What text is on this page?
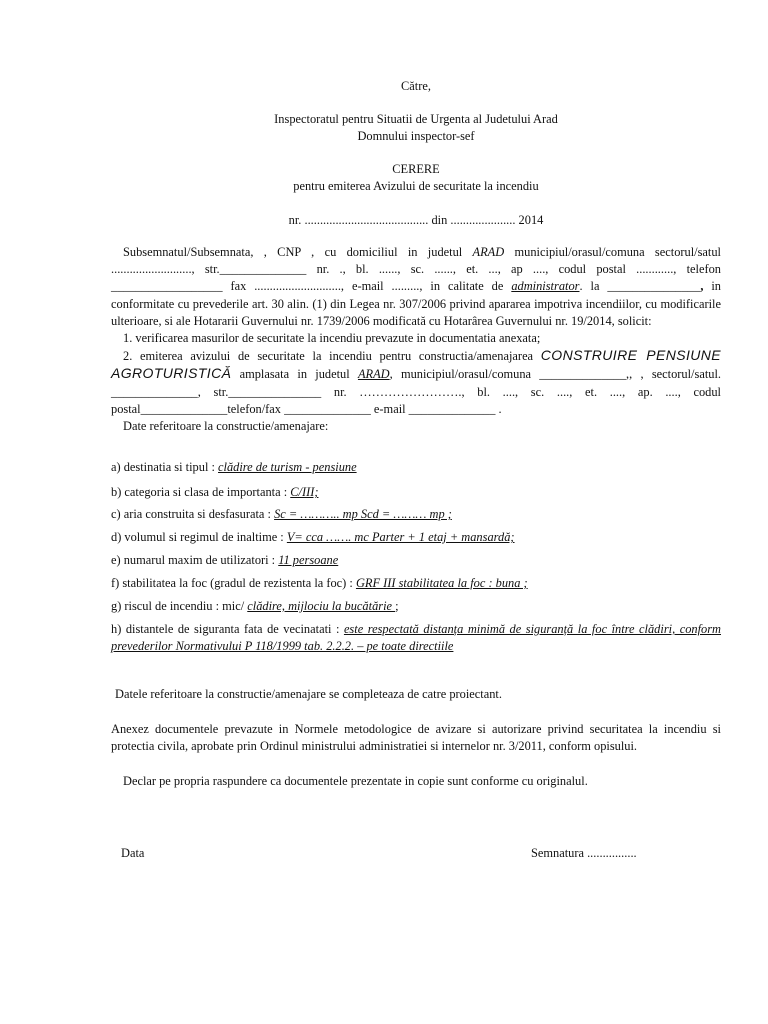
Către,
Inspectoratul pentru Situatii de Urgenta al Judetului Arad
Domnului inspector-sef
CERERE
pentru emiterea Avizului de securitate la incendiu
nr. ........................................ din ..................... 2014

Subsemnatul/Subsemnata, , CNP , cu domiciliul in judetul ARAD municipiul/orasul/comuna sectorul/satul .........................., str.______________ nr. ., bl. ......, sc. ......, et. ..., ap ...., codul postal ............, telefon __________________ fax ............................, e-mail ........., in calitate de administrator. la _______________, in conformitate cu prevederile art. 30 alin. (1) din Legea nr. 307/2006 privind apararea impotriva incendiilor, cu modificarile ulterioare, si ale Hotararii Guvernului nr. 1739/2006 modificată cu Hotarârea Guvernului nr. 19/2014, solicit:

1. verificarea masurilor de securitate la incendiu prevazute in documentatia anexata;

2. emiterea avizului de securitate la incendiu pentru constructia/amenajarea CONSTRUIRE PENSIUNE AGROTURISTICĂ amplasata in judetul ARAD, municipiul/orasul/comuna ______________,, , sectorul/satul. ______________, str._______________ nr. ……………………., bl. ...., sc. ...., et. ...., ap. ...., codul postal______________telefon/fax ______________ e-mail ______________ .

Date referitoare la constructie/amenajare:

a) destinatia si tipul : clădire de turism - pensiune
b) categoria si clasa de importanta : C/III;
c) aria construita si desfasurata : Sc = ……….. mp Scd = ……… mp ;
d) volumul si regimul de inaltime : V= cca ……. mc Parter + 1 etaj + mansardă;
e) numarul maxim de utilizatori : 11 persoane
f) stabilitatea la foc (gradul de rezistenta la foc) : GRF III stabilitatea la foc : buna ;
g) riscul de incendiu : mic/ clădire, mijlociu la bucătărie ;
h) distantele de siguranta fata de vecinatati : este respectată distanța minimă de siguranță la foc între clădiri, conform prevederilor Normativului P 118/1999 tab. 2.2.2. – pe toate directiile
Datele referitoare la constructie/amenajare se completeaza de catre proiectant.
Anexez documentele prevazute in Normele metodologice de avizare si autorizare privind securitatea la incendiu si protectia civila, aprobate prin Ordinul ministrului administratiei si internelor nr. 3/2011, conform opisului.
Declar pe propria raspundere ca documentele prezentate in copie sunt conforme cu originalul.
Data	Semnatura ................
